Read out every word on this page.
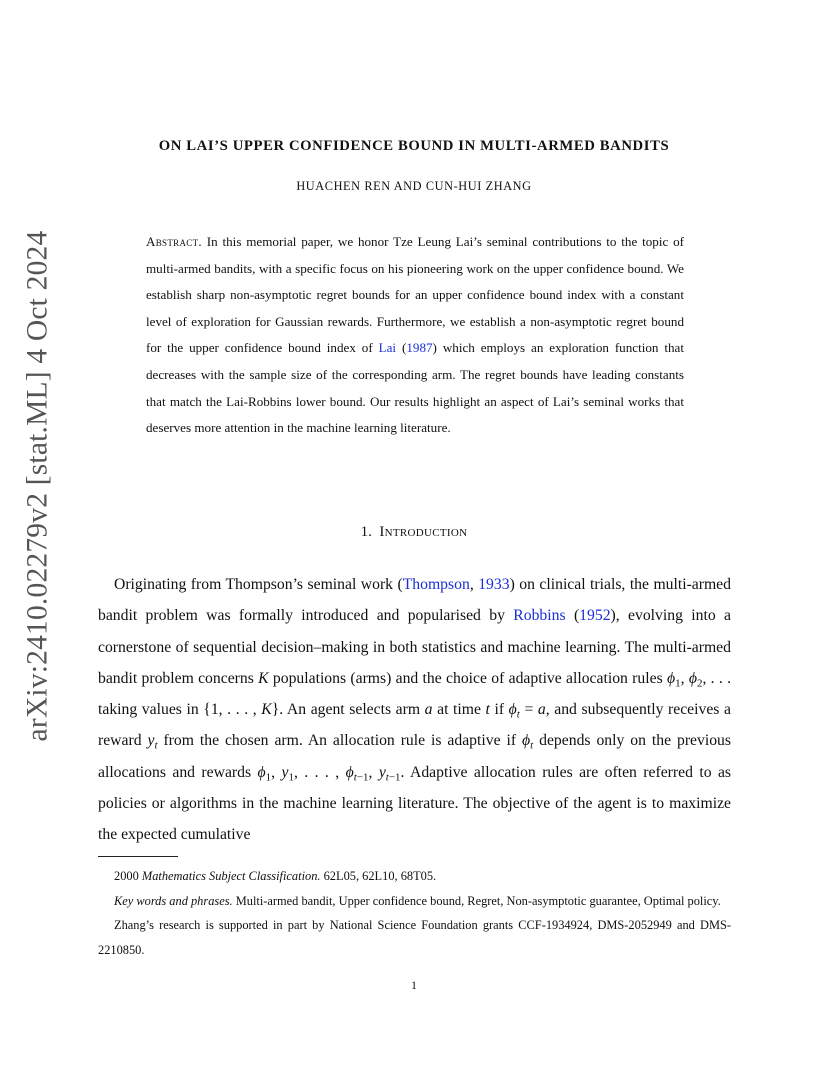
arXiv:2410.02279v2 [stat.ML] 4 Oct 2024
ON LAI’S UPPER CONFIDENCE BOUND IN MULTI-ARMED BANDITS
HUACHEN REN AND CUN-HUI ZHANG
Abstract. In this memorial paper, we honor Tze Leung Lai’s seminal contributions to the topic of multi-armed bandits, with a specific focus on his pioneering work on the upper confidence bound. We establish sharp non-asymptotic regret bounds for an upper confidence bound index with a constant level of exploration for Gaussian rewards. Furthermore, we establish a non-asymptotic regret bound for the upper confidence bound index of Lai (1987) which employs an exploration function that decreases with the sample size of the corresponding arm. The regret bounds have leading constants that match the Lai-Robbins lower bound. Our results highlight an aspect of Lai’s seminal works that deserves more attention in the machine learning literature.
1. Introduction
Originating from Thompson’s seminal work (Thompson, 1933) on clinical trials, the multi-armed bandit problem was formally introduced and popularised by Robbins (1952), evolving into a cornerstone of sequential decision–making in both statistics and machine learning. The multi-armed bandit problem concerns K populations (arms) and the choice of adaptive allocation rules $\phi_1$, $\phi_2$, . . . taking values in {1, . . . , K}. An agent selects arm a at time t if $\phi_t = a$, and subsequently receives a reward $y_t$ from the chosen arm. An allocation rule is adaptive if $\phi_t$ depends only on the previous allocations and rewards $\phi_1$, $y_1$, . . . , $\phi_{t-1}$, $y_{t-1}$. Adaptive allocation rules are often referred to as policies or algorithms in the machine learning literature. The objective of the agent is to maximize the expected cumulative

2000 Mathematics Subject Classification. 62L05, 62L10, 68T05.

Key words and phrases. Multi-armed bandit, Upper confidence bound, Regret, Non-asymptotic guarantee, Optimal policy.

Zhang’s research is supported in part by National Science Foundation grants CCF-1934924, DMS-2052949 and DMS-2210850.

1
